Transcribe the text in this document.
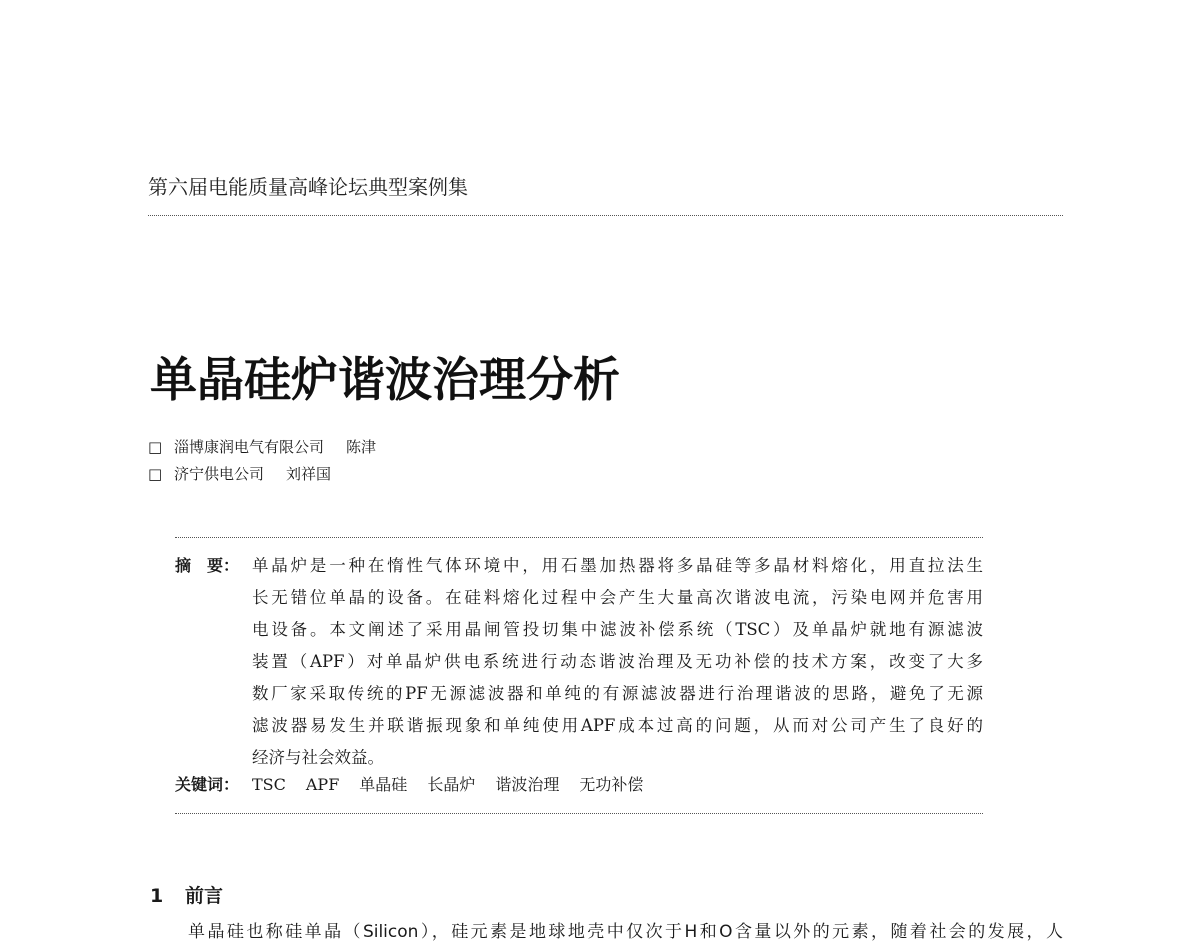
第六届电能质量高峰论坛典型案例集
单晶硅炉谐波治理分析
□ 淄博康润电气有限公司 陈津
□ 济宁供电公司 刘祥国
摘　要： 单晶炉是一种在惰性气体环境中，用石墨加热器将多晶硅等多晶材料熔化，用直拉法生
长无错位单晶的设备。在硅料熔化过程中会产生大量高次谐波电流，污染电网并危害用
电设备。本文阐述了采用晶闸管投切集中滤波补偿系统（TSC）及单晶炉就地有源滤波
装置（APF）对单晶炉供电系统进行动态谐波治理及无功补偿的技术方案，改变了大多
数厂家采取传统的PF无源滤波器和单纯的有源滤波器进行治理谐波的思路，避免了无源
滤波器易发生并联谐振现象和单纯使用APF成本过高的问题，从而对公司产生了良好的
经济与社会效益。
关键词： TSC APF 单晶硅 长晶炉 谐波治理 无功补偿
1 前言
单晶硅也称硅单晶（Silicon），硅元素是地球地壳中仅次于H和O含量以外的元素，随着社会的发展，人
